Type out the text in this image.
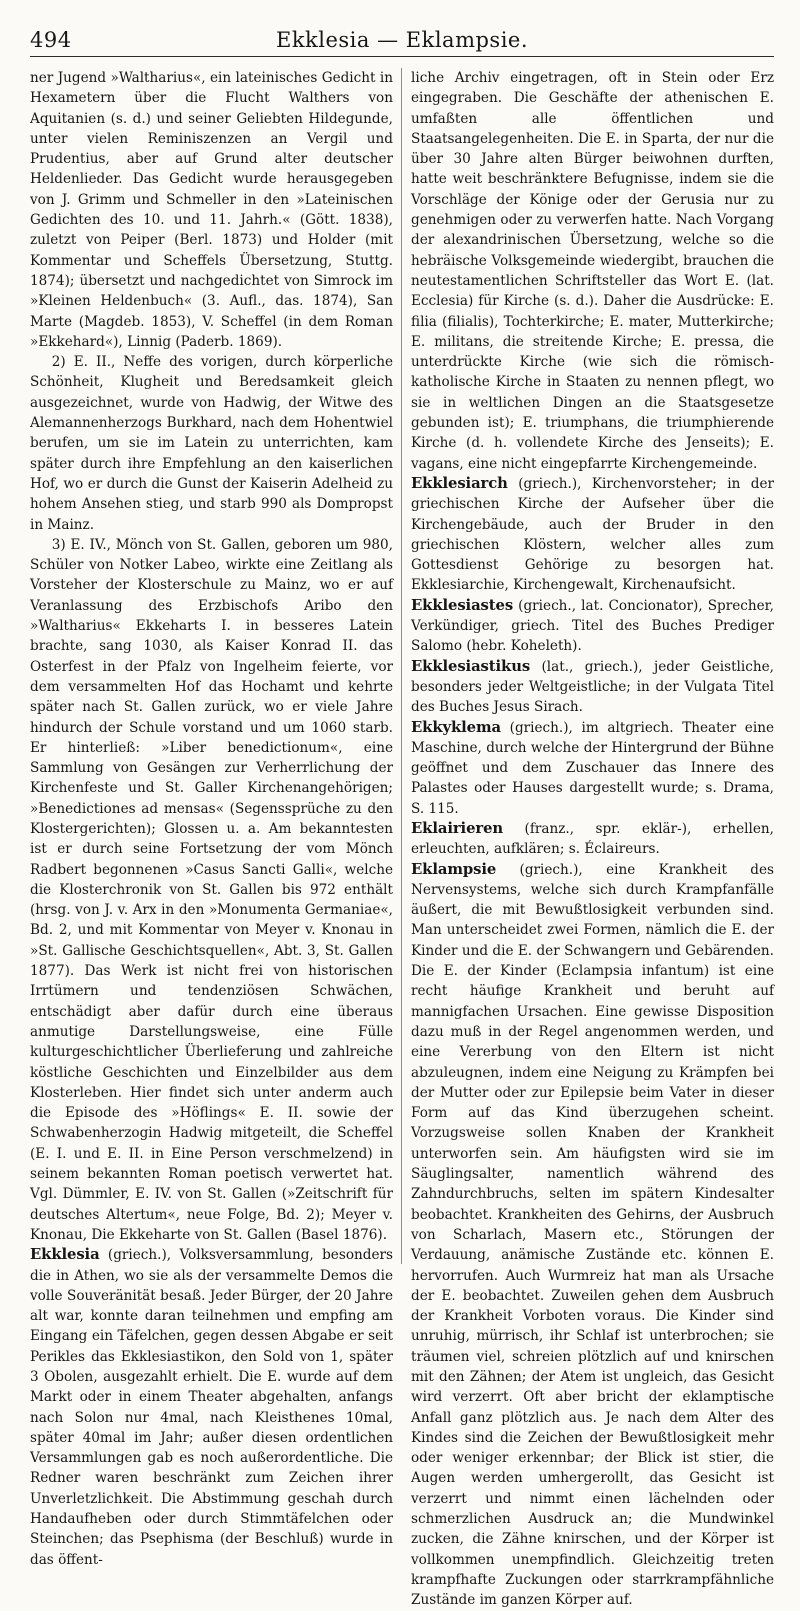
494	Ekklesia — Eklampsie.

ner Jugend »Waltharius«, ein lateinisches Gedicht in Hexametern über die Flucht Walthers von Aquitanien (s. d.) und seiner Geliebten Hildegunde, unter vielen Reminiszenzen an Vergil und Prudentius, aber auf Grund alter deutscher Heldenlieder. Das Gedicht wurde herausgegeben von J. Grimm und Schmeller in den »Lateinischen Gedichten des 10. und 11. Jahrh.« (Gött. 1838), zuletzt von Peiper (Berl. 1873) und Holder (mit Kommentar und Scheffels Übersetzung, Stuttg. 1874); übersetzt und nachgedichtet von Simrock im »Kleinen Heldenbuch« (3. Aufl., das. 1874), San Marte (Magdeb. 1853), V. Scheffel (in dem Roman »Ekkehard«), Linnig (Paderb. 1869).

2) E. II., Neffe des vorigen, durch körperliche Schönheit, Klugheit und Beredsamkeit gleich ausgezeichnet, wurde von Hadwig, der Witwe des Alemannenherzogs Burkhard, nach dem Hohentwiel berufen, um sie im Latein zu unterrichten, kam später durch ihre Empfehlung an den kaiserlichen Hof, wo er durch die Gunst der Kaiserin Adelheid zu hohem Ansehen stieg, und starb 990 als Dompropst in Mainz.

3) E. IV., Mönch von St. Gallen, geboren um 980, Schüler von Notker Labeo, wirkte eine Zeitlang als Vorsteher der Klosterschule zu Mainz, wo er auf Veranlassung des Erzbischofs Aribo den »Waltharius« Ekkeharts I. in besseres Latein brachte, sang 1030, als Kaiser Konrad II. das Osterfest in der Pfalz von Ingelheim feierte, vor dem versammelten Hof das Hochamt und kehrte später nach St. Gallen zurück, wo er viele Jahre hindurch der Schule vorstand und um 1060 starb. Er hinterließ: »Liber benedictionum«, eine Sammlung von Gesängen zur Verherrlichung der Kirchenfeste und St. Galler Kirchenangehörigen; »Benedictiones ad mensas« (Segenssprüche zu den Klostergerichten); Glossen u. a. Am bekanntesten ist er durch seine Fortsetzung der vom Mönch Radbert begonnenen »Casus Sancti Galli«, welche die Klosterchronik von St. Gallen bis 972 enthält (hrsg. von J. v. Arx in den »Monumenta Germaniae«, Bd. 2, und mit Kommentar von Meyer v. Knonau in »St. Gallische Geschichtsquellen«, Abt. 3, St. Gallen 1877). Das Werk ist nicht frei von historischen Irrtümern und tendenziösen Schwächen, entschädigt aber dafür durch eine überaus anmutige Darstellungsweise, eine Fülle kulturgeschichtlicher Überlieferung und zahlreiche köstliche Geschichten und Einzelbilder aus dem Klosterleben. Hier findet sich unter anderm auch die Episode des »Höflings« E. II. sowie der Schwabenherzogin Hadwig mitgeteilt, die Scheffel (E. I. und E. II. in Eine Person verschmelzend) in seinem bekannten Roman poetisch verwertet hat. Vgl. Dümmler, E. IV. von St. Gallen (»Zeitschrift für deutsches Altertum«, neue Folge, Bd. 2); Meyer v. Knonau, Die Ekkeharte von St. Gallen (Basel 1876).

Ekklesia (griech.), Volksversammlung, besonders die in Athen, wo sie als der versammelte Demos die volle Souveränität besaß. Jeder Bürger, der 20 Jahre alt war, konnte daran teilnehmen und empfing am Eingang ein Täfelchen, gegen dessen Abgabe er seit Perikles das Ekklesiastikon, den Sold von 1, später 3 Obolen, ausgezahlt erhielt. Die E. wurde auf dem Markt oder in einem Theater abgehalten, anfangs nach Solon nur 4mal, nach Kleisthenes 10mal, später 40mal im Jahr; außer diesen ordentlichen Versammlungen gab es noch außerordentliche. Die Redner waren beschränkt zum Zeichen ihrer Unverletzlichkeit. Die Abstimmung geschah durch Handaufheben oder durch Stimmtäfelchen oder Steinchen; das Psephisma (der Beschluß) wurde in das öffent-

liche Archiv eingetragen, oft in Stein oder Erz eingegraben. Die Geschäfte der athenischen E. umfaßten alle öffentlichen und Staatsangelegenheiten. Die E. in Sparta, der nur die über 30 Jahre alten Bürger beiwohnen durften, hatte weit beschränktere Befugnisse, indem sie die Vorschläge der Könige oder der Gerusia nur zu genehmigen oder zu verwerfen hatte. Nach Vorgang der alexandrinischen Übersetzung, welche so die hebräische Volksgemeinde wiedergibt, brauchen die neutestamentlichen Schriftsteller das Wort E. (lat. Ecclesia) für Kirche (s. d.). Daher die Ausdrücke: E. filia (filialis), Tochterkirche; E. mater, Mutterkirche; E. militans, die streitende Kirche; E. pressa, die unterdrückte Kirche (wie sich die römisch-katholische Kirche in Staaten zu nennen pflegt, wo sie in weltlichen Dingen an die Staatsgesetze gebunden ist); E. triumphans, die triumphierende Kirche (d. h. vollendete Kirche des Jenseits); E. vagans, eine nicht eingepfarrte Kirchengemeinde.

Ekklesiarch (griech.), Kirchenvorsteher; in der griechischen Kirche der Aufseher über die Kirchengebäude, auch der Bruder in den griechischen Klöstern, welcher alles zum Gottesdienst Gehörige zu besorgen hat. Ekklesiarchie, Kirchengewalt, Kirchenaufsicht.

Ekklesiastes (griech., lat. Concionator), Sprecher, Verkündiger, griech. Titel des Buches Prediger Salomo (hebr. Koheleth).

Ekklesiastikus (lat., griech.), jeder Geistliche, besonders jeder Weltgeistliche; in der Vulgata Titel des Buches Jesus Sirach.

Ekkyklema (griech.), im altgriech. Theater eine Maschine, durch welche der Hintergrund der Bühne geöffnet und dem Zuschauer das Innere des Palastes oder Hauses dargestellt wurde; s. Drama, S. 115.

Eklairieren (franz., spr. eklär-), erhellen, erleuchten, aufklären; s. Éclaireurs.

Eklampsie (griech.), eine Krankheit des Nervensystems, welche sich durch Krampfanfälle äußert, die mit Bewußtlosigkeit verbunden sind. Man unterscheidet zwei Formen, nämlich die E. der Kinder und die E. der Schwangern und Gebärenden. Die E. der Kinder (Eclampsia infantum) ist eine recht häufige Krankheit und beruht auf mannigfachen Ursachen. Eine gewisse Disposition dazu muß in der Regel angenommen werden, und eine Vererbung von den Eltern ist nicht abzuleugnen, indem eine Neigung zu Krämpfen bei der Mutter oder zur Epilepsie beim Vater in dieser Form auf das Kind überzugehen scheint. Vorzugsweise sollen Knaben der Krankheit unterworfen sein. Am häufigsten wird sie im Säuglingsalter, namentlich während des Zahndurchbruchs, selten im spätern Kindesalter beobachtet. Krankheiten des Gehirns, der Ausbruch von Scharlach, Masern etc., Störungen der Verdauung, anämische Zustände etc. können E. hervorrufen. Auch Wurmreiz hat man als Ursache der E. beobachtet. Zuweilen gehen dem Ausbruch der Krankheit Vorboten voraus. Die Kinder sind unruhig, mürrisch, ihr Schlaf ist unterbrochen; sie träumen viel, schreien plötzlich auf und knirschen mit den Zähnen; der Atem ist ungleich, das Gesicht wird verzerrt. Oft aber bricht der eklamptische Anfall ganz plötzlich aus. Je nach dem Alter des Kindes sind die Zeichen der Bewußtlosigkeit mehr oder weniger erkennbar; der Blick ist stier, die Augen werden umhergerollt, das Gesicht ist verzerrt und nimmt einen lächelnden oder schmerzlichen Ausdruck an; die Mundwinkel zucken, die Zähne knirschen, und der Körper ist vollkommen unempfindlich. Gleichzeitig treten krampfhafte Zuckungen oder starrkrampfähnliche Zustände im ganzen Körper auf.
